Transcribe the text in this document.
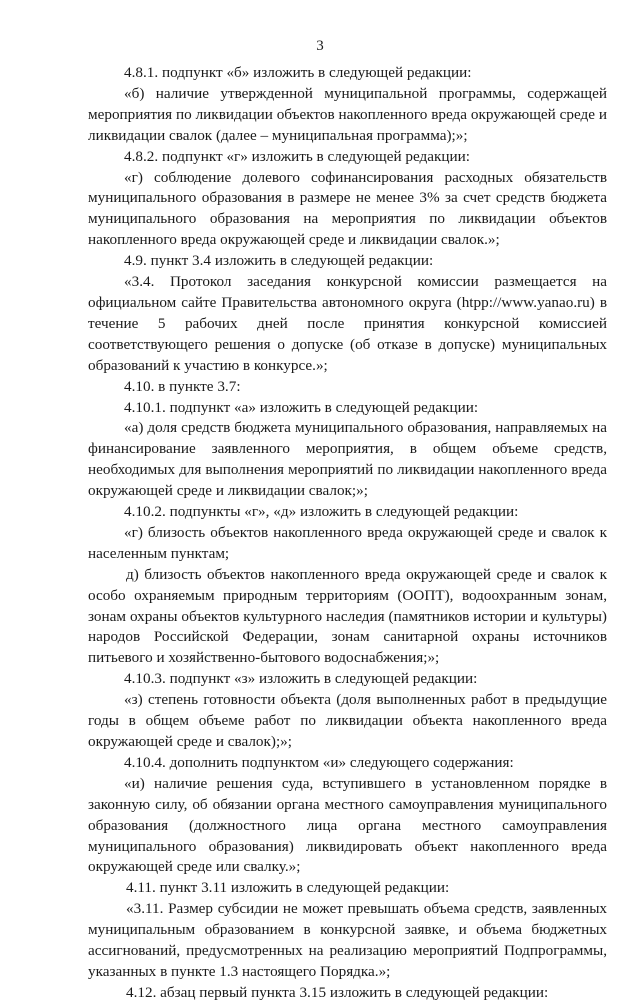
3

4.8.1. подпункт «б» изложить в следующей редакции:

«б) наличие утвержденной муниципальной программы, содержащей мероприятия по ликвидации объектов накопленного вреда окружающей среде и ликвидации свалок (далее – муниципальная программа);»;

4.8.2. подпункт «г» изложить в следующей редакции:

«г) соблюдение долевого софинансирования расходных обязательств муниципального образования в размере не менее 3% за счет средств бюджета муниципального образования на мероприятия по ликвидации объектов накопленного вреда окружающей среде и ликвидации свалок.»;

4.9. пункт 3.4 изложить в следующей редакции:

«3.4. Протокол заседания конкурсной комиссии размещается на официальном сайте Правительства автономного округа (htpp://www.yanao.ru) в течение 5 рабочих дней после принятия конкурсной комиссией соответствующего решения о допуске (об отказе в допуске) муниципальных образований к участию в конкурсе.»;

4.10. в пункте 3.7:

4.10.1. подпункт «а» изложить в следующей редакции:

«а) доля средств бюджета муниципального образования, направляемых на финансирование заявленного мероприятия, в общем объеме средств, необходимых для выполнения мероприятий по ликвидации накопленного вреда окружающей среде и ликвидации свалок;»;

4.10.2. подпункты «г», «д» изложить в следующей редакции:

«г) близость объектов накопленного вреда окружающей среде и свалок к населенным пунктам;

д) близость объектов накопленного вреда окружающей среде и свалок к особо охраняемым природным территориям (ООПТ), водоохранным зонам, зонам охраны объектов культурного наследия (памятников истории и культуры) народов Российской Федерации, зонам санитарной охраны источников питьевого и хозяйственно-бытового водоснабжения;»;

4.10.3. подпункт «з» изложить в следующей редакции:

«з) степень готовности объекта (доля выполненных работ в предыдущие годы в общем объеме работ по ликвидации объекта накопленного вреда окружающей среде и свалок);»;

4.10.4. дополнить подпунктом «и» следующего содержания:

«и) наличие решения суда, вступившего в установленном порядке в законную силу, об обязании органа местного самоуправления муниципального образования (должностного лица органа местного самоуправления муниципального образования) ликвидировать объект накопленного вреда окружающей среде или свалку.»;

4.11. пункт 3.11 изложить в следующей редакции:

«3.11. Размер субсидии не может превышать объема средств, заявленных муниципальным образованием в конкурсной заявке, и объема бюджетных ассигнований, предусмотренных на реализацию мероприятий Подпрограммы, указанных в пункте 1.3 настоящего Порядка.»;

4.12. абзац первый пункта 3.15 изложить в следующей редакции:
